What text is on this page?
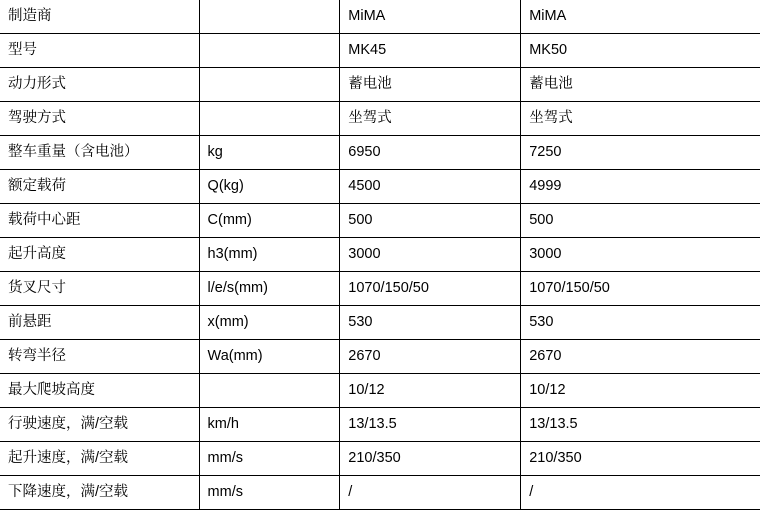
制造商		MiMA	MiMA
型号		MK45	MK50
动力形式		蓄电池	蓄电池
驾驶方式		坐驾式	坐驾式
整车重量（含电池）	kg	6950	7250
额定载荷	Q(kg)	4500	4999
载荷中心距	C(mm)	500	500
起升高度	h3(mm)	3000	3000
货叉尺寸	l/e/s(mm)	1070/150/50	1070/150/50
前悬距	x(mm)	530	530
转弯半径	Wa(mm)	2670	2670
最大爬坡高度		10/12	10/12
行驶速度，满/空载	km/h	13/13.5	13/13.5
起升速度，满/空载	mm/s	210/350	210/350
下降速度，满/空载	mm/s	/	/
